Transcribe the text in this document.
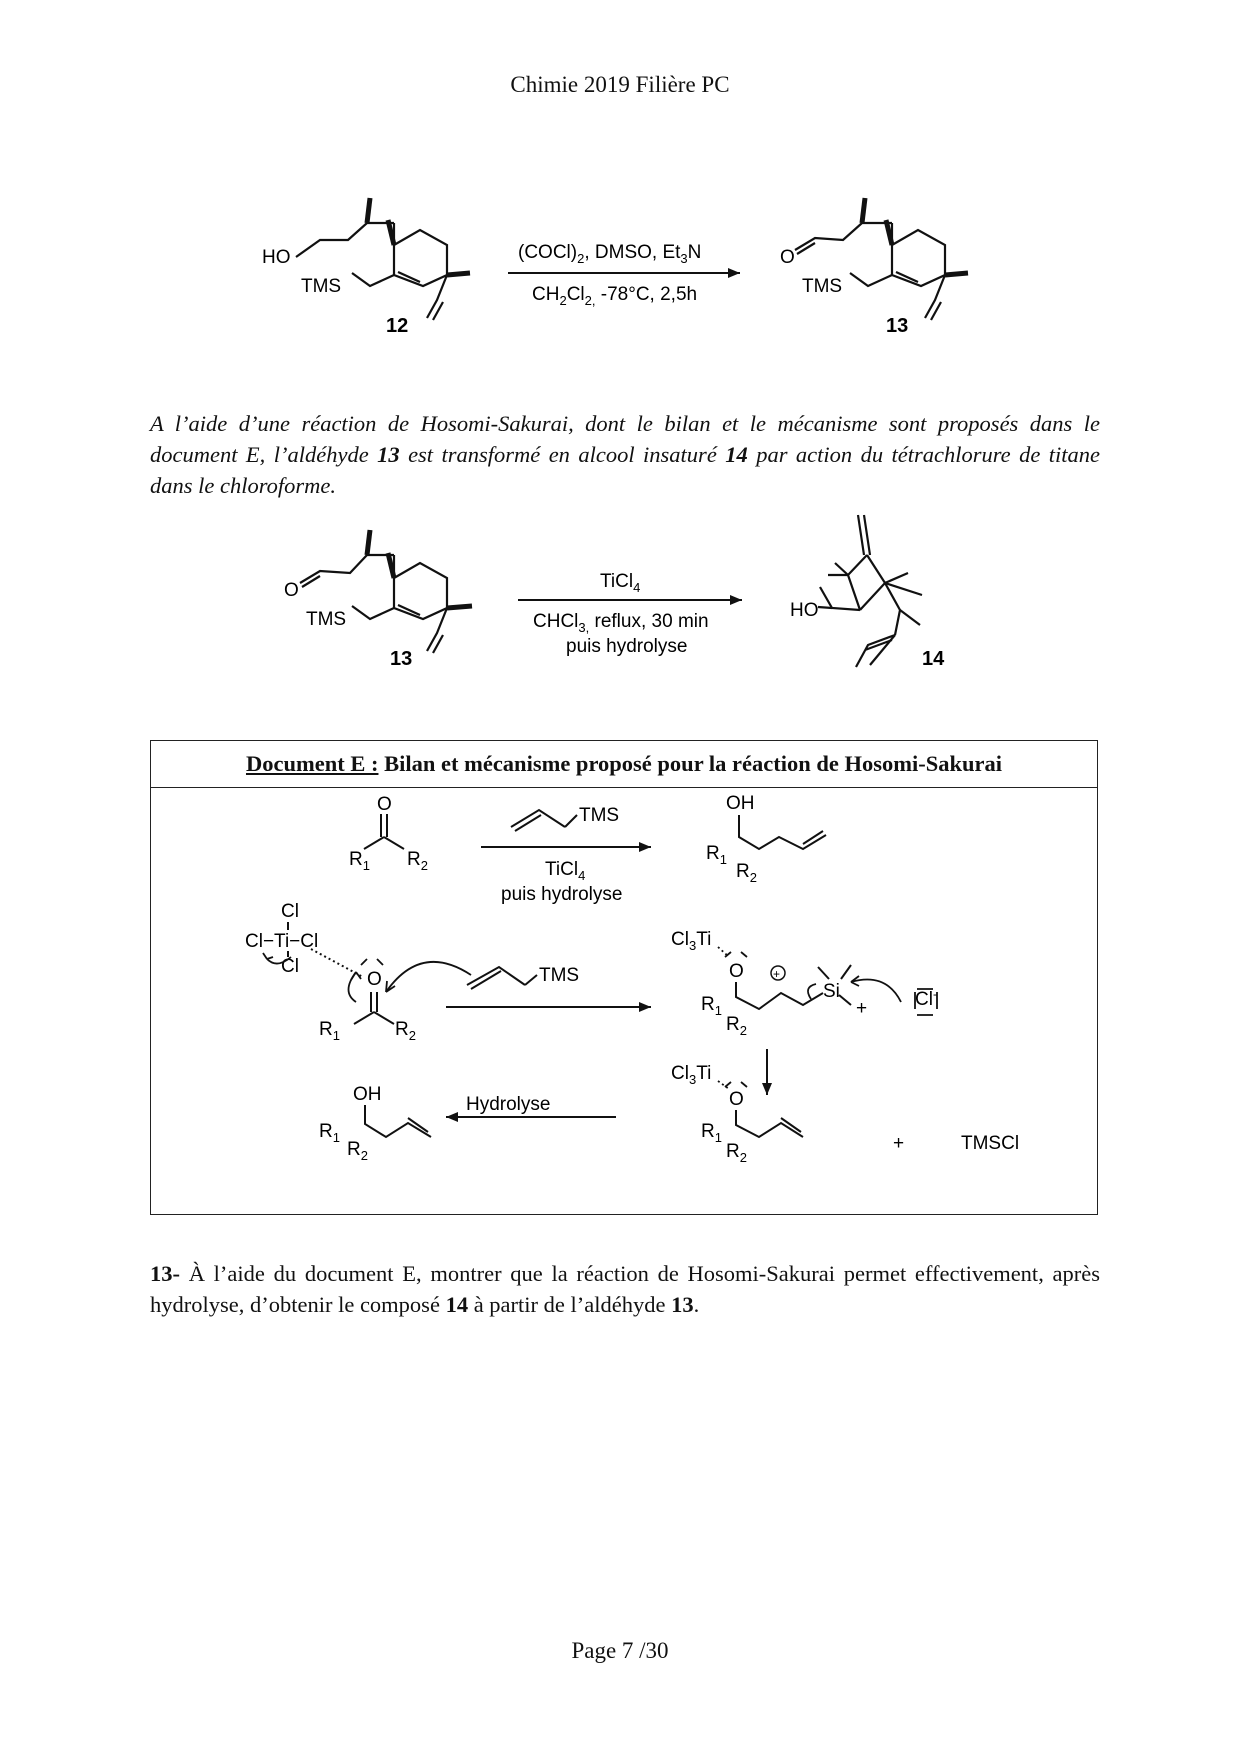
Chimie 2019 Filière PC
HO
TMS
12
$(COCl)_2$, DMSO, $Et_3N$
$CH_2Cl_{2,}$ -78°C, 2,5h
O
TMS
13
A l’aide d’une réaction de Hosomi-Sakurai, dont le bilan et le mécanisme sont proposés dans le document E, l’aldéhyde 13 est transformé en alcool insaturé 14 par action du tétrachlorure de titane dans le chloroforme.
O
TMS
13
TiCl$_4$
CHCl$_{3,}$ reflux, 30 min
puis hydrolyse
HO
14
Document E : Bilan et mécanisme proposé pour la réaction de Hosomi-Sakurai
O
$R_1$ $R_2$
TMS
TiCl$_4$
puis hydrolyse
OH
$R_1$
$R_2$
Cl
Cl−Ti−Cl
Cl
O
$R_1$	$R_2$
TMS
$Cl_3Ti$
O +
$R_1$
$R_2$
Si
+	Cl-
OH
$R_1$
$R_2$
Hydrolyse
$Cl_3Ti$
O
$R_1$
$R_2$
+	TMSCl
13- À l’aide du document E, montrer que la réaction de Hosomi-Sakurai permet effectivement, après hydrolyse, d’obtenir le composé 14 à partir de l’aldéhyde 13.
Page 7 /30
